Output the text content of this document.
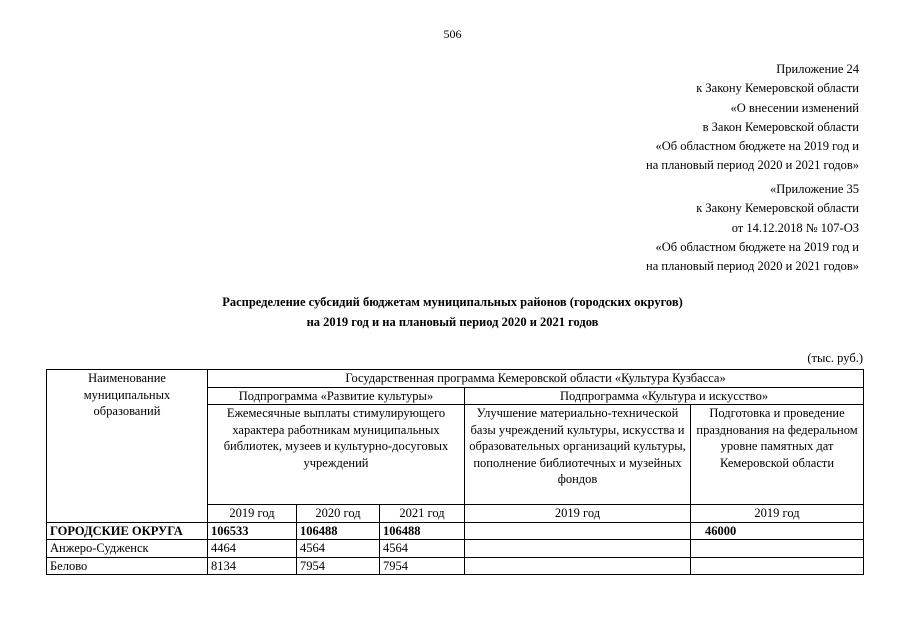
506
Приложение 24
к Закону Кемеровской области
«О внесении изменений
в Закон Кемеровской области
«Об областном бюджете на 2019 год и
на плановый период 2020 и 2021 годов»
«Приложение 35
к Закону Кемеровской области
от 14.12.2018 № 107-ОЗ
«Об областном бюджете на 2019 год и
на плановый период 2020 и 2021 годов»
Распределение субсидий бюджетам муниципальных районов (городских округов)
на 2019 год и на плановый период 2020 и 2021 годов
(тыс. руб.)
Наименование муниципальных образований	Государственная программа Кемеровской области «Культура Кузбасса»				
	Подпрограмма «Развитие культуры»			Подпрограмма «Культура и искусство»	
	Ежемесячные выплаты стимулирующего характера работникам муниципальных библиотек, музеев и культурно-досуговых учреждений			Улучшение материально-технической базы учреждений культуры, искусства и образовательных организаций культуры, пополнение библиотечных и музейных фондов	Подготовка и проведение празднования на федеральном уровне памятных дат Кемеровской области
	2019 год	2020 год	2021 год	2019 год	2019 год
ГОРОДСКИЕ ОКРУГА	106533	106488	106488		46000
Анжеро-Судженск	4464	4564	4564		
Белово	8134	7954	7954		
